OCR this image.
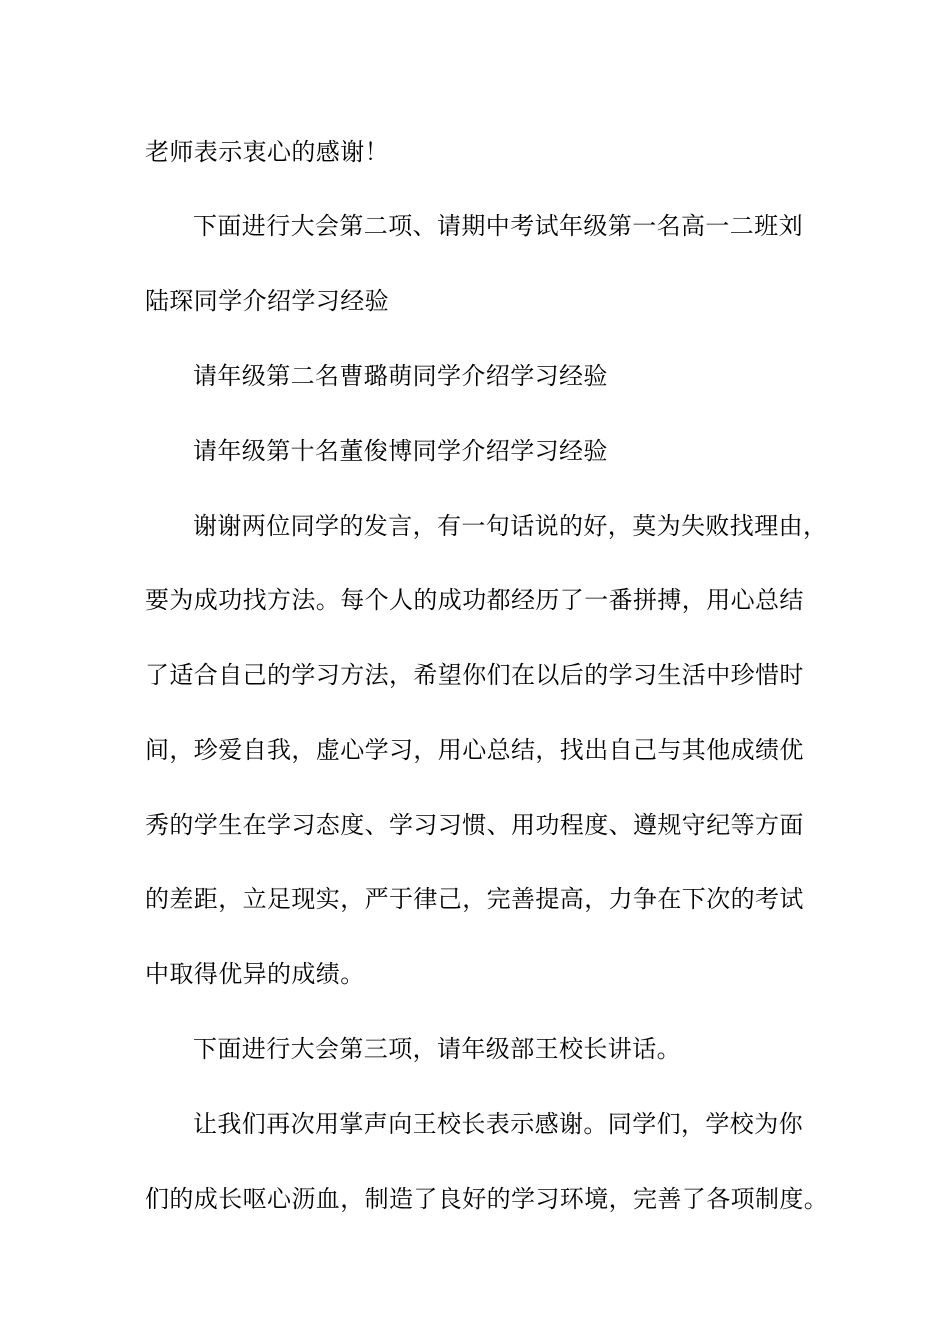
老师表示衷心的感谢！
下面进行大会第二项、请期中考试年级第一名高一二班刘
陆琛同学介绍学习经验
请年级第二名曹璐萌同学介绍学习经验
请年级第十名董俊博同学介绍学习经验
谢谢两位同学的发言，有一句话说的好，莫为失败找理由，
要为成功找方法。每个人的成功都经历了一番拼搏，用心总结
了适合自己的学习方法，希望你们在以后的学习生活中珍惜时
间，珍爱自我，虚心学习，用心总结，找出自己与其他成绩优
秀的学生在学习态度、学习习惯、用功程度、遵规守纪等方面
的差距，立足现实，严于律己，完善提高，力争在下次的考试
中取得优异的成绩。
下面进行大会第三项，请年级部王校长讲话。
让我们再次用掌声向王校长表示感谢。同学们，学校为你
们的成长呕心沥血，制造了良好的学习环境，完善了各项制度。
